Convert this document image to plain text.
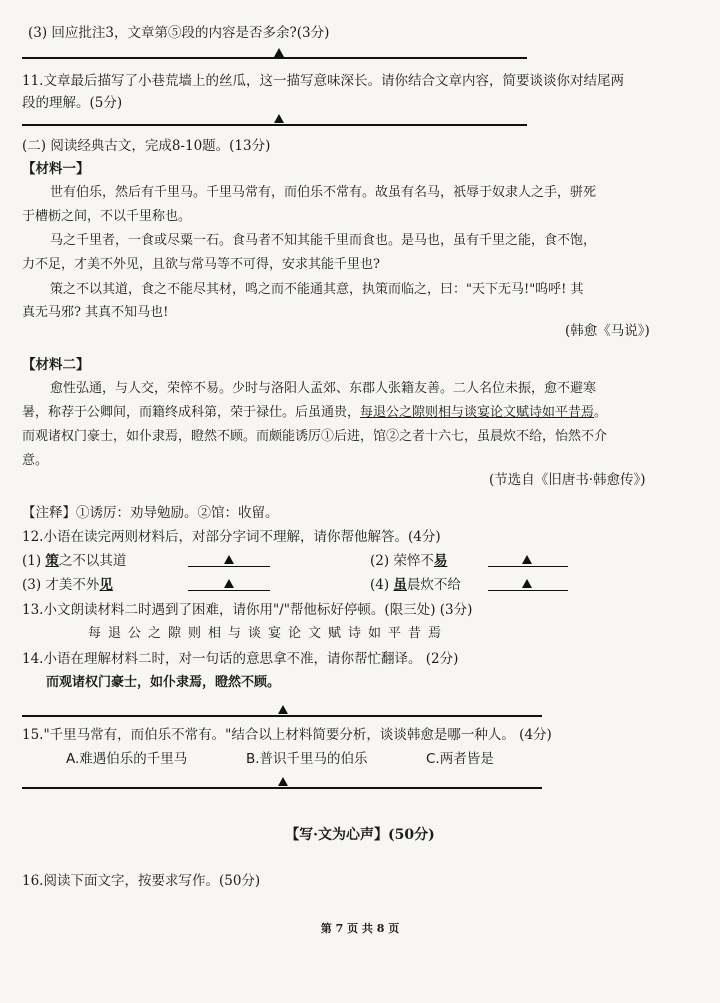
(3) 回应批注3，文章第⑤段的内容是否多余?(3分)
11.文章最后描写了小巷荒墙上的丝瓜，这一描写意味深长。请你结合文章内容，简要谈谈你对结尾两
段的理解。(5分)
(二) 阅读经典古文，完成8-10题。(13分)
【材料一】
世有伯乐，然后有千里马。千里马常有，而伯乐不常有。故虽有名马，祇辱于奴隶人之手，骈死
于槽枥之间，不以千里称也。
马之千里者，一食或尽粟一石。食马者不知其能千里而食也。是马也，虽有千里之能，食不饱，
力不足，才美不外见，且欲与常马等不可得，安求其能千里也?
策之不以其道，食之不能尽其材，鸣之而不能通其意，执策而临之，曰："天下无马!"呜呼! 其
真无马邪? 其真不知马也!
(韩愈《马说》)
【材料二】
愈性弘通，与人交，荣悴不易。少时与洛阳人孟郊、东郡人张籍友善。二人名位未振，愈不避寒
暑，称荐于公卿间，而籍终成科第，荣于禄仕。后虽通贵，每退公之隙则相与谈宴论文赋诗如平昔焉。
而观诸权门豪士，如仆隶焉，瞪然不顾。而颇能诱厉①后进，馆②之者十六七，虽晨炊不给，怡然不介
意。
(节选自《旧唐书·韩愈传》)
【注释】①诱厉：劝导勉励。②馆：收留。
12.小语在读完两则材料后，对部分字词不理解，请你帮他解答。(4分)
(1) 策之不以其道	(2) 荣悴不易
(3) 才美不外见	(4) 虽晨炊不给
13.小文朗读材料二时遇到了困难，请你用"/"帮他标好停顿。(限三处) (3分)
每退公之隙则相与谈宴论文赋诗如平昔焉
14.小语在理解材料二时，对一句话的意思拿不准，请你帮忙翻译。 (2分)
而观诸权门豪士，如仆隶焉，瞪然不顾。
15."千里马常有，而伯乐不常有。"结合以上材料简要分析，谈谈韩愈是哪一种人。 (4分)
A.难遇伯乐的千里马	B.普识千里马的伯乐	C.两者皆是
【写·文为心声】(50分)
16.阅读下面文字，按要求写作。(50分)
第 7 页 共 8 页
